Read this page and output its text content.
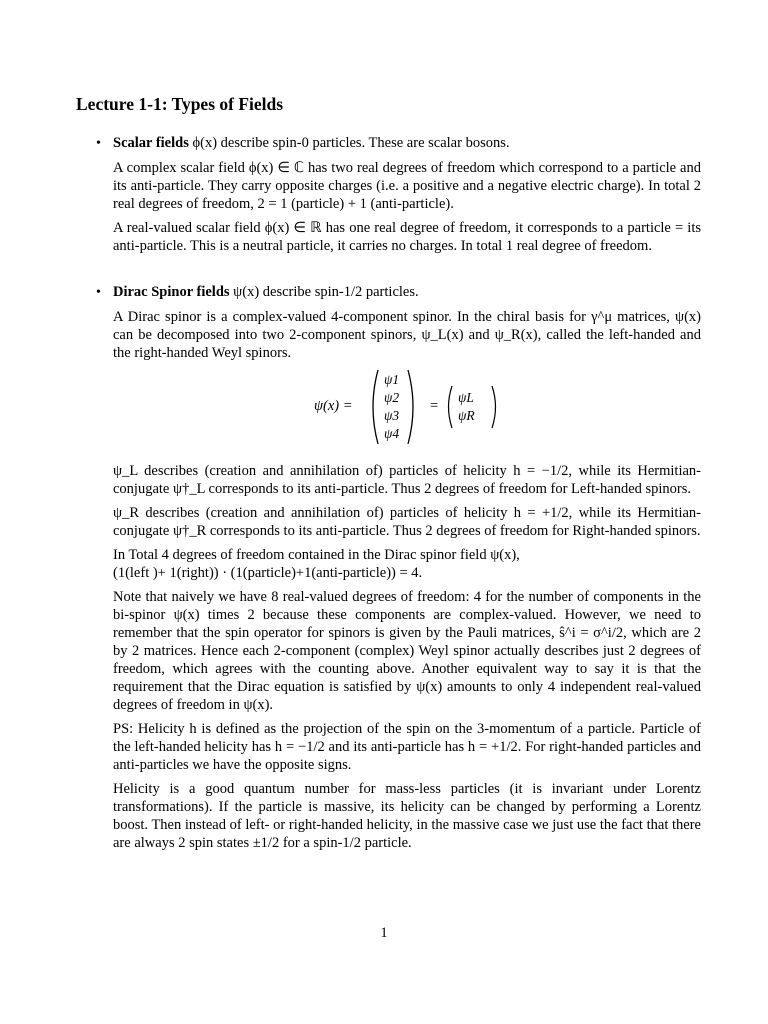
Lecture 1-1: Types of Fields
• Scalar fields ϕ(x) describe spin-0 particles. These are scalar bosons.

A complex scalar field ϕ(x) ∈ ℂ has two real degrees of freedom which correspond to a particle and its anti-particle. They carry opposite charges (i.e. a positive and a negative electric charge). In total 2 real degrees of freedom, 2 = 1 (particle) + 1 (anti-particle).

A real-valued scalar field ϕ(x) ∈ ℝ has one real degree of freedom, it corresponds to a particle = its anti-particle. This is a neutral particle, it carries no charges. In total 1 real degree of freedom.

• Dirac Spinor fields ψ(x) describe spin-1/2 particles.

A Dirac spinor is a complex-valued 4-component spinor. In the chiral basis for γ^μ matrices, ψ(x) can be decomposed into two 2-component spinors, ψ_L(x) and ψ_R(x), called the left-handed and the right-handed Weyl spinors.

ψ(x) =
ψ1
ψ2
ψ3
ψ4
=
ψL
ψR

ψ_L describes (creation and annihilation of) particles of helicity h = −1/2, while its Hermitian-conjugate ψ†_L corresponds to its anti-particle. Thus 2 degrees of freedom for Left-handed spinors.

ψ_R describes (creation and annihilation of) particles of helicity h = +1/2, while its Hermitian-conjugate ψ†_R corresponds to its anti-particle. Thus 2 degrees of freedom for Right-handed spinors.

In Total 4 degrees of freedom contained in the Dirac spinor field ψ(x),

(1(left )+ 1(right)) · (1(particle)+1(anti-particle)) = 4.

Note that naively we have 8 real-valued degrees of freedom: 4 for the number of components in the bi-spinor ψ(x) times 2 because these components are complex-valued. However, we need to remember that the spin operator for spinors is given by the Pauli matrices, ŝ^i = σ^i/2, which are 2 by 2 matrices. Hence each 2-component (complex) Weyl spinor actually describes just 2 degrees of freedom, which agrees with the counting above. Another equivalent way to say it is that the requirement that the Dirac equation is satisfied by ψ(x) amounts to only 4 independent real-valued degrees of freedom in ψ(x).

PS: Helicity h is defined as the projection of the spin on the 3-momentum of a particle. Particle of the left-handed helicity has h = −1/2 and its anti-particle has h = +1/2. For right-handed particles and anti-particles we have the opposite signs.

Helicity is a good quantum number for mass-less particles (it is invariant under Lorentz transformations). If the particle is massive, its helicity can be changed by performing a Lorentz boost. Then instead of left- or right-handed helicity, in the massive case we just use the fact that there are always 2 spin states ±1/2 for a spin-1/2 particle.

1
